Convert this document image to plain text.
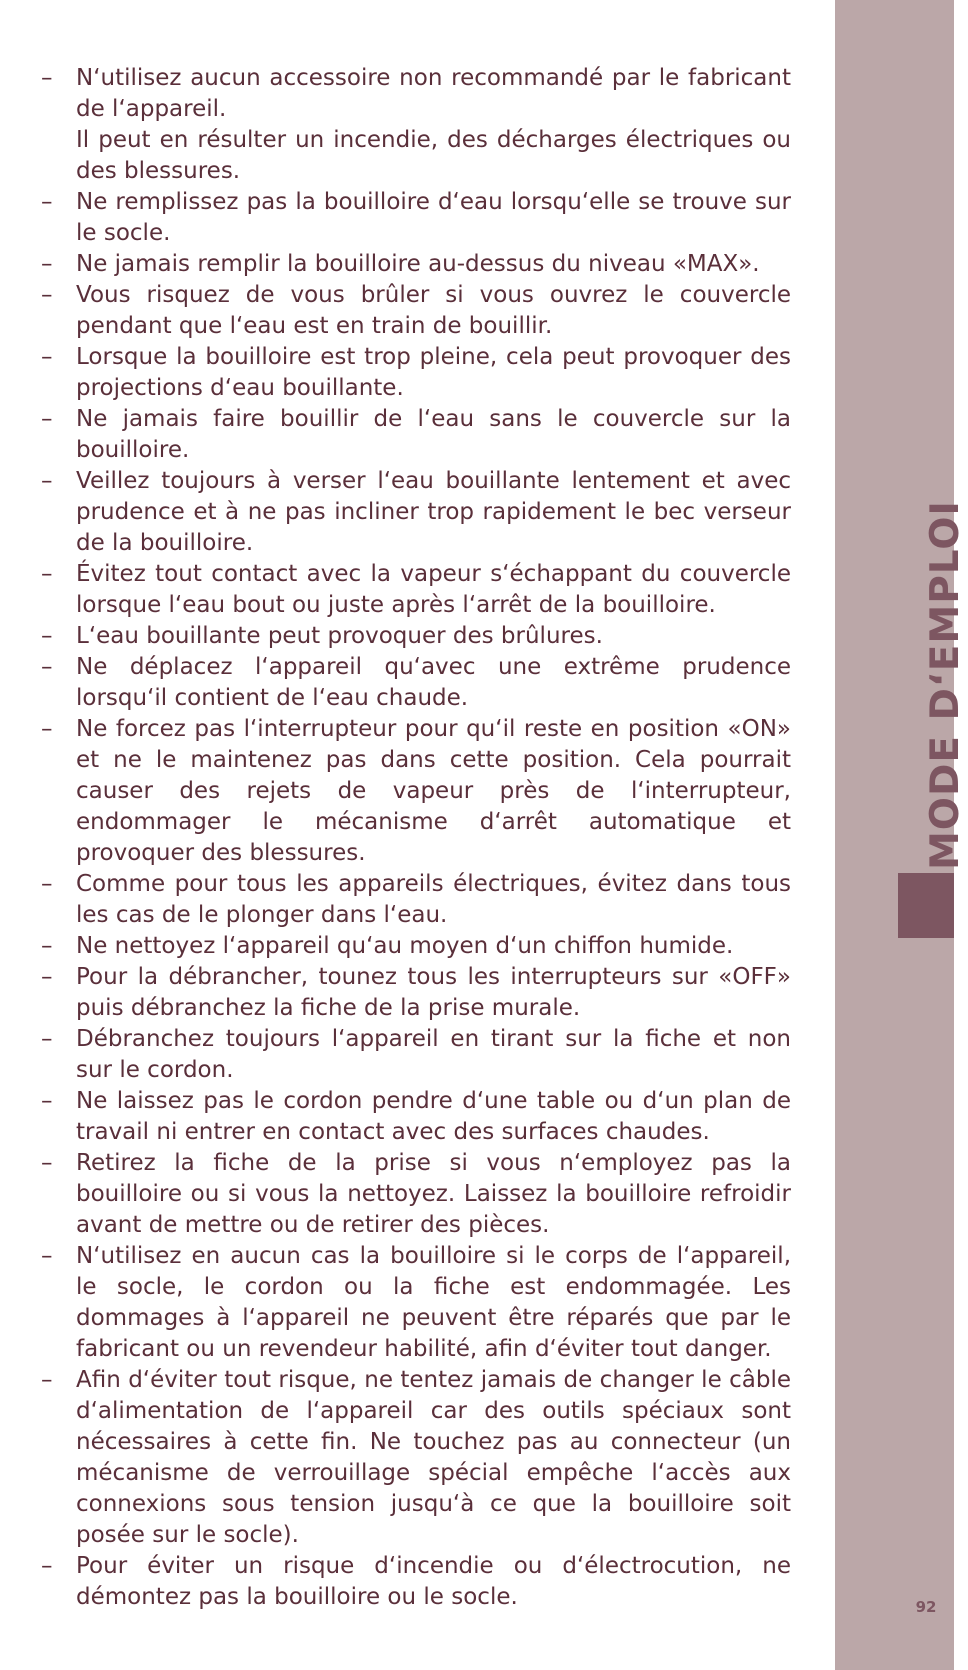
– N‘utilisez aucun accessoire non recommandé par le fabricant de l‘appareil.
Il peut en résulter un incendie, des décharges électriques ou des blessures.
– Ne remplissez pas la bouilloire d‘eau lorsqu‘elle se trouve sur le socle.
– Ne jamais remplir la bouilloire au-dessus du niveau «MAX».
– Vous risquez de vous brûler si vous ouvrez le couvercle pendant que l‘eau est en train de bouillir.
– Lorsque la bouilloire est trop pleine, cela peut provoquer des projections d‘eau bouillante.
– Ne jamais faire bouillir de l‘eau sans le couvercle sur la bouilloire.
– Veillez toujours à verser l‘eau bouillante lentement et avec prudence et à ne pas incliner trop rapidement le bec verseur de la bouilloire.
– Évitez tout contact avec la vapeur s‘échappant du couvercle lorsque l‘eau bout ou juste après l‘arrêt de la bouilloire.
– L‘eau bouillante peut provoquer des brûlures.
– Ne déplacez l‘appareil qu‘avec une extrême prudence lorsqu‘il contient de l‘eau chaude.
– Ne forcez pas l‘interrupteur pour qu‘il reste en position «ON» et ne le maintenez pas dans cette position. Cela pourrait causer des rejets de vapeur près de l‘interrupteur, endommager le mécanisme d‘arrêt automatique et provoquer des blessures.
– Comme pour tous les appareils électriques, évitez dans tous les cas de le plonger dans l‘eau.
– Ne nettoyez l‘appareil qu‘au moyen d‘un chiffon humide.
– Pour la débrancher, tounez tous les interrupteurs sur «OFF» puis débranchez la fiche de la prise murale.
– Débranchez toujours l‘appareil en tirant sur la fiche et non sur le cordon.
– Ne laissez pas le cordon pendre d‘une table ou d‘un plan de travail ni entrer en contact avec des surfaces chaudes.
– Retirez la fiche de la prise si vous n‘employez pas la bouilloire ou si vous la nettoyez. Laissez la bouilloire refroidir avant de mettre ou de retirer des pièces.
– N‘utilisez en aucun cas la bouilloire si le corps de l‘appareil, le socle, le cordon ou la fiche est endommagée. Les dommages à l‘appareil ne peuvent être réparés que par le fabricant ou un revendeur habilité, afin d‘éviter tout danger.
– Afin d‘éviter tout risque, ne tentez jamais de changer le câble d‘alimentation de l‘appareil car des outils spéciaux sont nécessaires à cette fin. Ne touchez pas au connecteur (un mécanisme de verrouillage spécial empêche l‘accès aux connexions sous tension jusqu‘à ce que la bouilloire soit posée sur le socle).
– Pour éviter un risque d‘incendie ou d‘électrocution, ne démontez pas la bouilloire ou le socle.
MODE D‘EMPLOI
92
